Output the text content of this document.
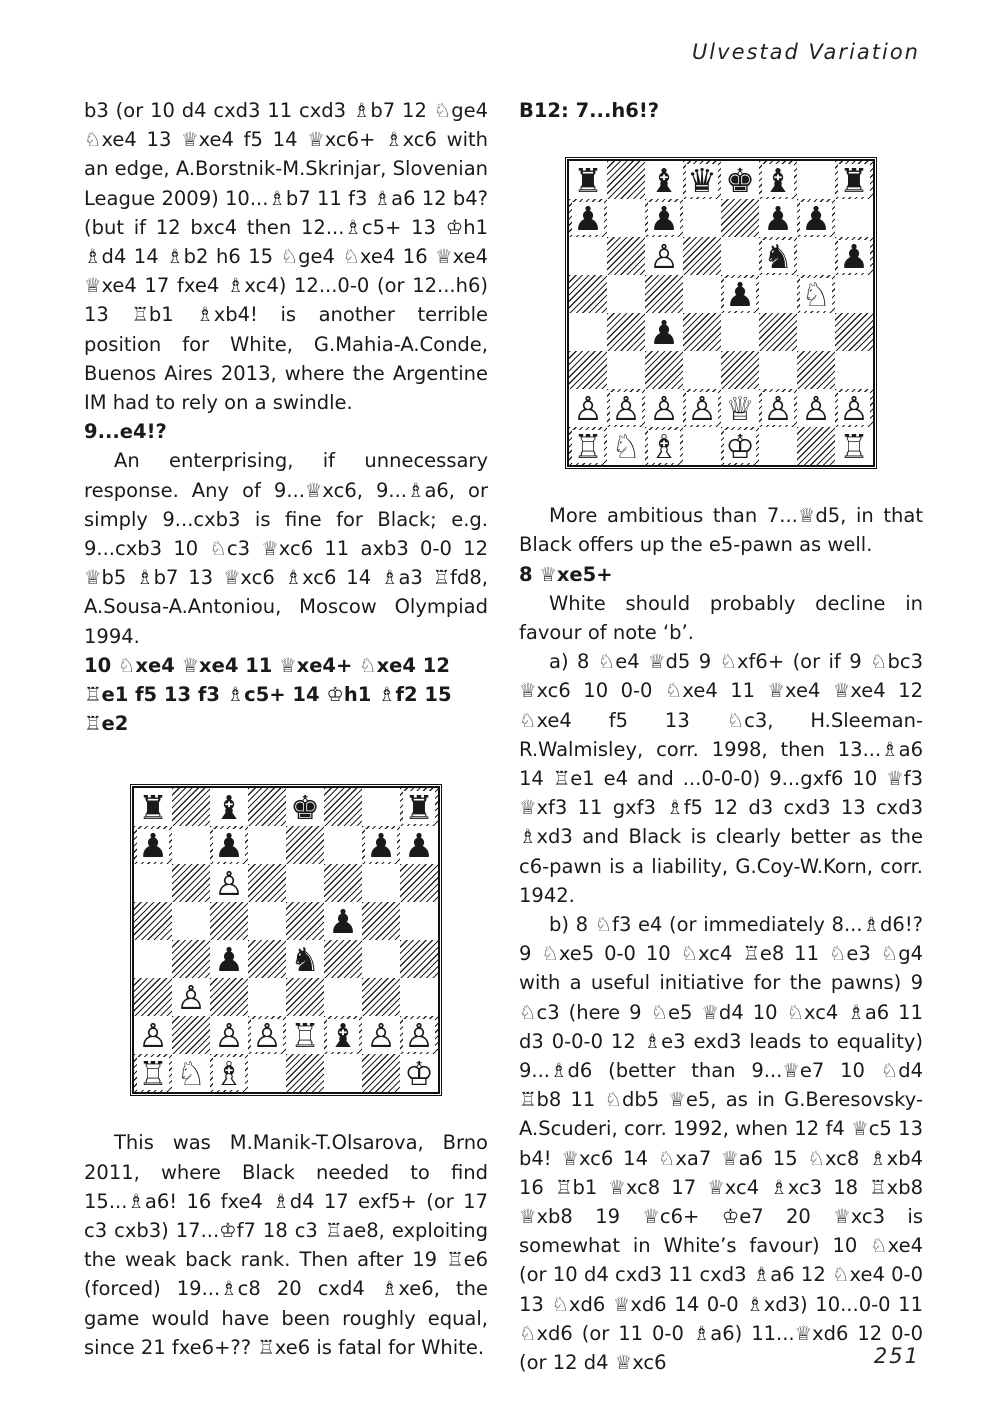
Ulvestad Variation

b3 (or 10 d4 cxd3 11 cxd3 ♗b7 12 ♘ge4 ♘xe4 13 ♕xe4 f5 14 ♕xc6+ ♗xc6 with an edge, A.Borstnik-M.Skrinjar, Slovenian League 2009) 10...♗b7 11 f3 ♗a6 12 b4? (but if 12 bxc4 then 12...♗c5+ 13 ♔h1 ♗d4 14 ♗b2 h6 15 ♘ge4 ♘xe4 16 ♕xe4 ♕xe4 17 fxe4 ♗xc4) 12...0-0 (or 12...h6) 13 ♖b1 ♗xb4! is another terrible position for White, G.Mahia-A.Conde, Buenos Aires 2013, where the Argentine IM had to rely on a swindle.

9...e4!?

An enterprising, if unnecessary response. Any of 9...♕xc6, 9...♗a6, or simply 9...cxb3 is fine for Black; e.g. 9...cxb3 10 ♘c3 ♕xc6 11 axb3 0-0 12 ♕b5 ♗b7 13 ♕xc6 ♗xc6 14 ♗a3 ♖fd8, A.Sousa-A.Antoniou, Moscow Olympiad 1994.

10 ♘xe4 ♕xe4 11 ♕xe4+ ♘xe4 12 ♖e1 f5 13 f3 ♗c5+ 14 ♔h1 ♗f2 15 ♖e2

♜ ♝ ♚	♜
♟ ♟	♟ ♟
♙
♟
♟ ♞
♙
♙ ♙ ♙ ♖ ♝ ♙ ♙
♖ ♘ ♗	♔

This was M.Manik-T.Olsarova, Brno 2011, where Black needed to find 15...♗a6! 16 fxe4 ♗d4 17 exf5+ (or 17 c3 cxb3) 17...♔f7 18 c3 ♖ae8, exploiting the weak back rank. Then after 19 ♖e6 (forced) 19...♗c8 20 cxd4 ♗xe6, the game would have been roughly equal, since 21 fxe6+?? ♖xe6 is fatal for White.

B12: 7...h6!?

♜ ♝ ♛ ♚ ♝ ♜
♟ ♟	♟ ♟
♙	♞ ♟
♟ ♘
♟
♙ ♙ ♙ ♙ ♕ ♙ ♙ ♙
♖ ♘ ♗ ♔	♖

More ambitious than 7...♕d5, in that Black offers up the e5-pawn as well.

8 ♕xe5+

White should probably decline in favour of note ‘b’.

a) 8 ♘e4 ♕d5 9 ♘xf6+ (or if 9 ♘bc3 ♕xc6 10 0-0 ♘xe4 11 ♕xe4 ♕xe4 12 ♘xe4 f5 13 ♘c3, H.Sleeman-R.Walmisley, corr. 1998, then 13...♗a6 14 ♖e1 e4 and ...0-0-0) 9...gxf6 10 ♕f3 ♕xf3 11 gxf3 ♗f5 12 d3 cxd3 13 cxd3 ♗xd3 and Black is clearly better as the c6-pawn is a liability, G.Coy-W.Korn, corr. 1942.

b) 8 ♘f3 e4 (or immediately 8...♗d6!? 9 ♘xe5 0-0 10 ♘xc4 ♖e8 11 ♘e3 ♘g4 with a useful initiative for the pawns) 9 ♘c3 (here 9 ♘e5 ♕d4 10 ♘xc4 ♗a6 11 d3 0-0-0 12 ♗e3 exd3 leads to equality) 9...♗d6 (better than 9...♕e7 10 ♘d4 ♖b8 11 ♘db5 ♕e5, as in G.Beresovsky-A.Scuderi, corr. 1992, when 12 f4 ♕c5 13 b4! ♕xc6 14 ♘xa7 ♕a6 15 ♘xc8 ♗xb4 16 ♖b1 ♕xc8 17 ♕xc4 ♗xc3 18 ♖xb8 ♕xb8 19 ♕c6+ ♔e7 20 ♕xc3 is somewhat in White’s favour) 10 ♘xe4 (or 10 d4 cxd3 11 cxd3 ♗a6 12 ♘xe4 0-0 13 ♘xd6 ♕xd6 14 0-0 ♗xd3) 10...0-0 11 ♘xd6 (or 11 0-0 ♗a6) 11...♕xd6 12 0-0 (or 12 d4 ♕xc6	251
